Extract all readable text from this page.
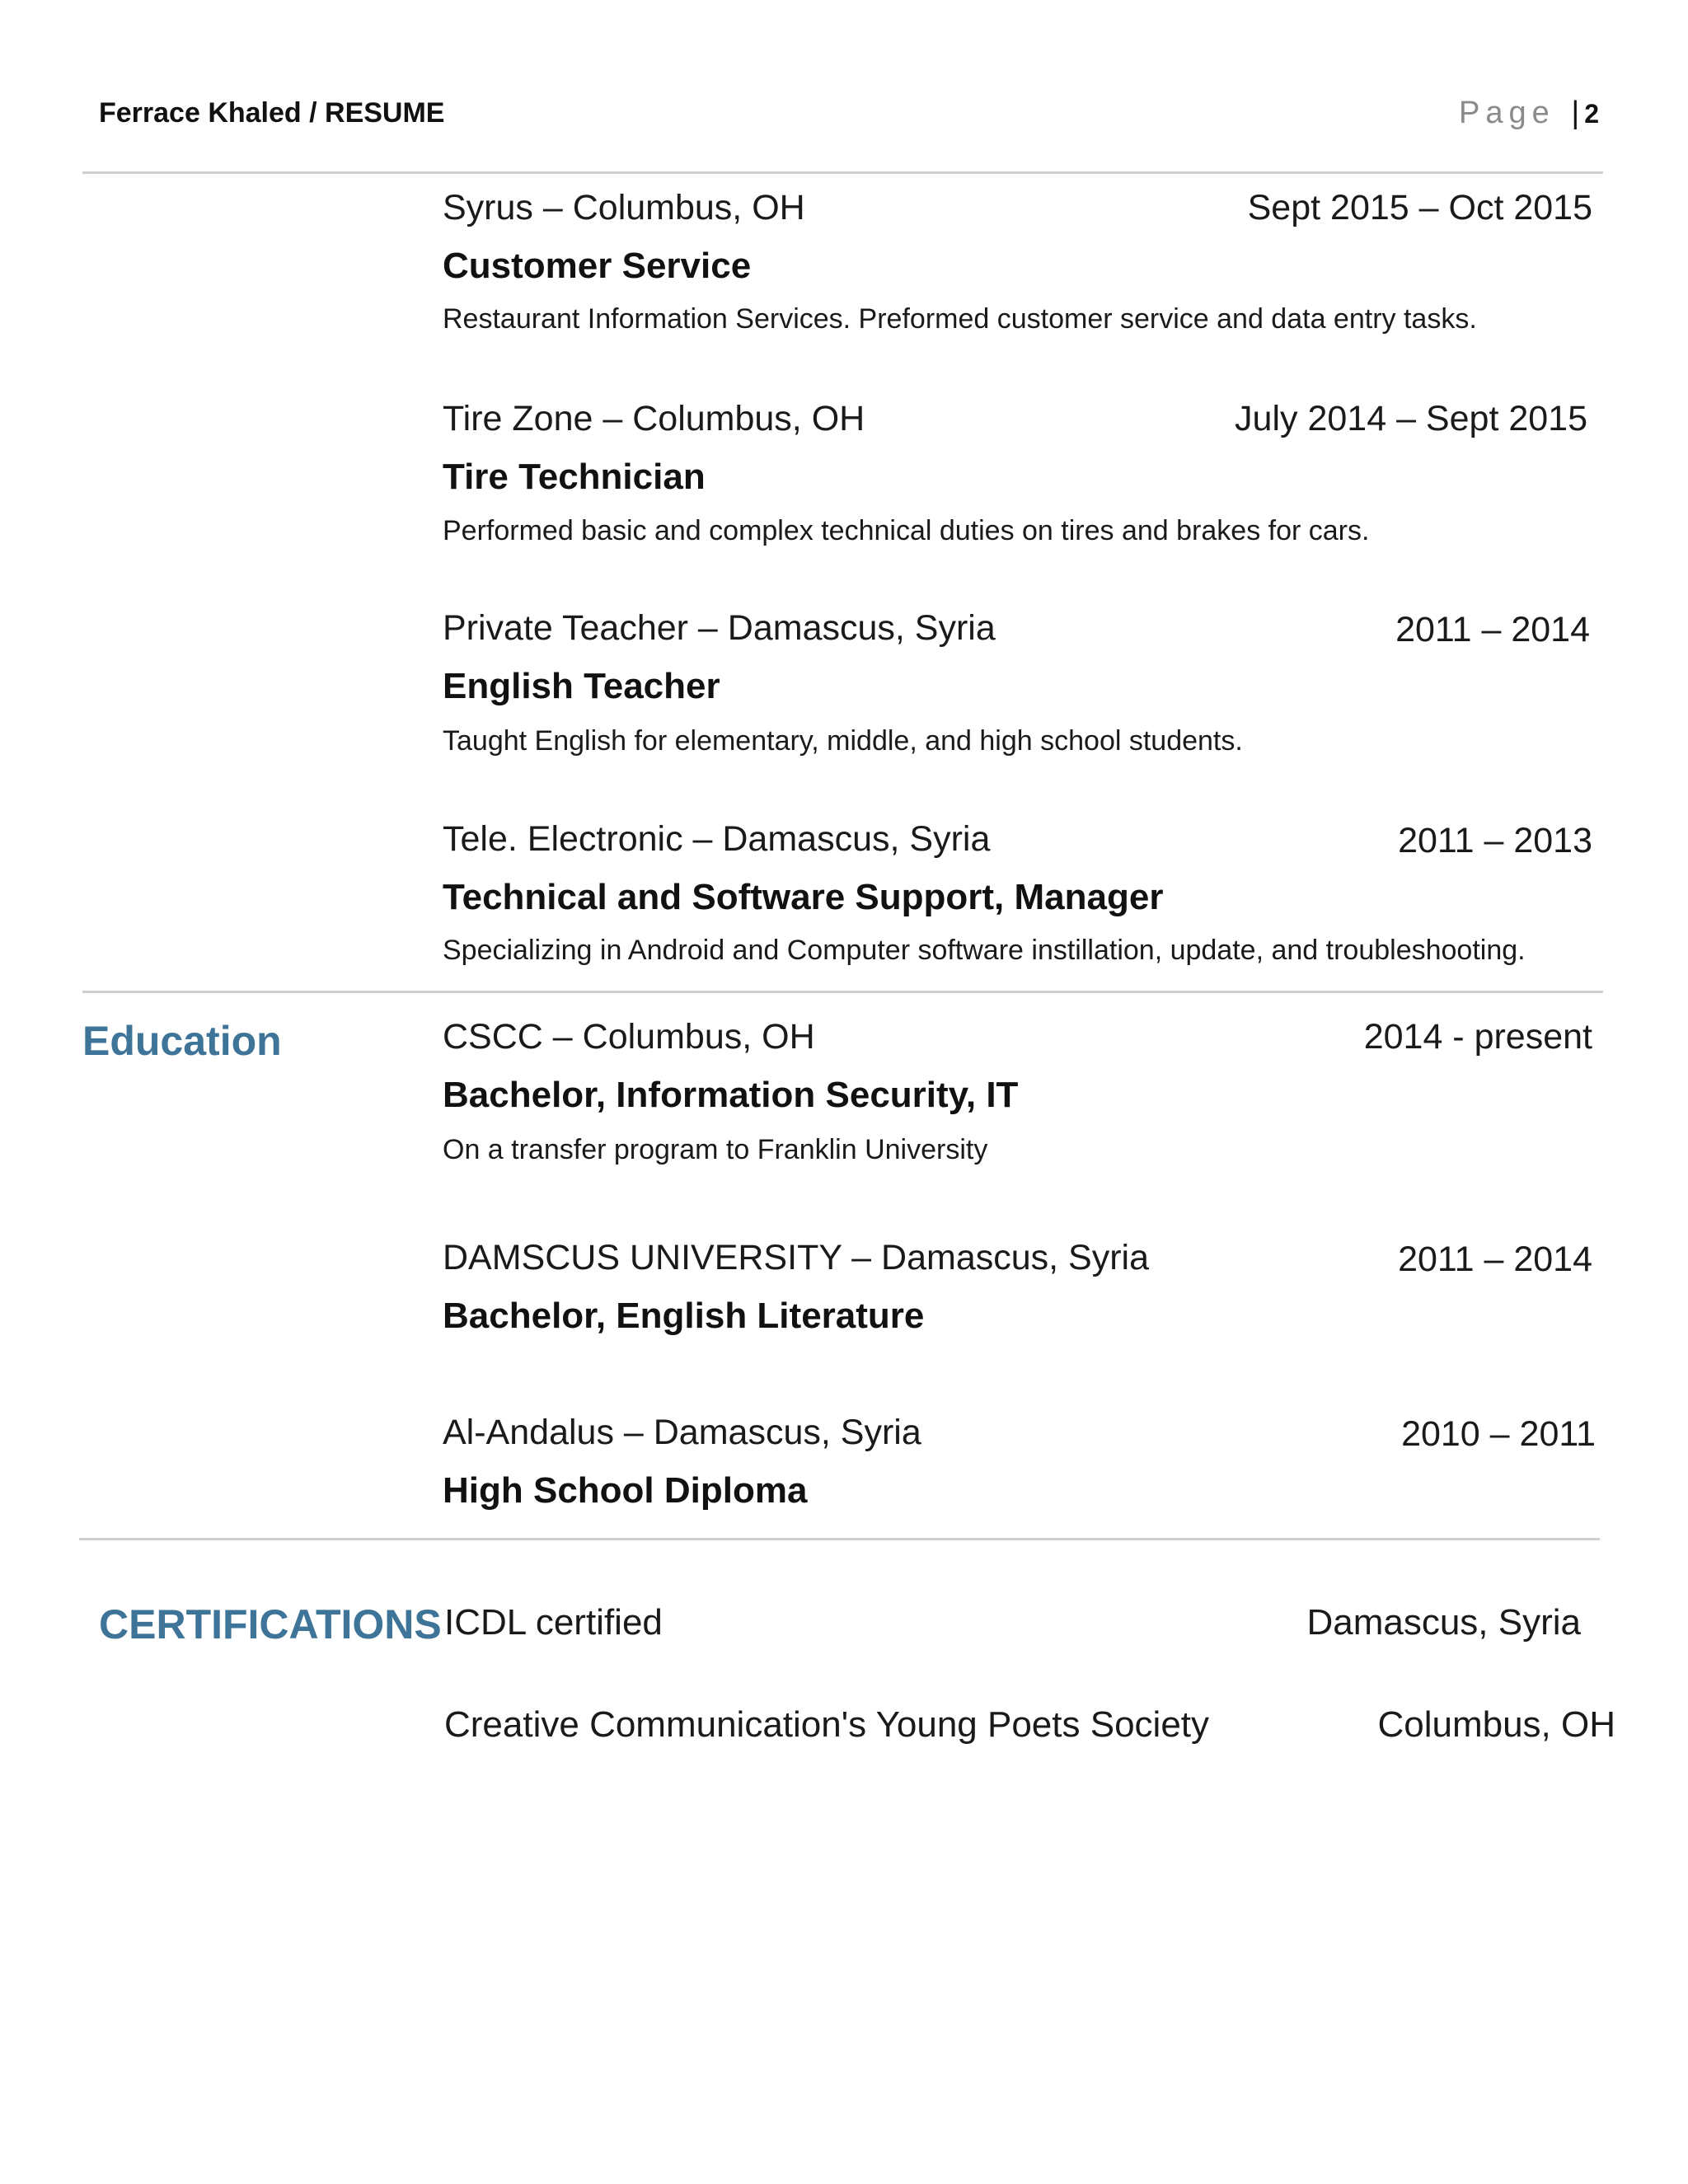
Ferrace Khaled / RESUME	Page | 2
Syrus – Columbus, OH	Sept 2015 – Oct 2015
Customer Service
Restaurant Information Services. Preformed customer service and data entry tasks.
Tire Zone – Columbus, OH	July 2014 – Sept 2015
Tire Technician
Performed basic and complex technical duties on tires and brakes for cars.
Private Teacher – Damascus, Syria	2011 – 2014
English Teacher
Taught English for elementary, middle, and high school students.
Tele. Electronic – Damascus, Syria	2011 – 2013
Technical and Software Support, Manager
Specializing in Android and Computer software instillation, update, and troubleshooting.
Education	CSCC – Columbus, OH	2014 - present
Bachelor, Information Security, IT
On a transfer program to Franklin University
DAMSCUS UNIVERSITY – Damascus, Syria	2011 – 2014
Bachelor, English Literature
Al-Andalus – Damascus, Syria	2010 – 2011
High School Diploma
CERTIFICATIONS ICDL certified	Damascus, Syria
Creative Communication's Young Poets Society	Columbus, OH
